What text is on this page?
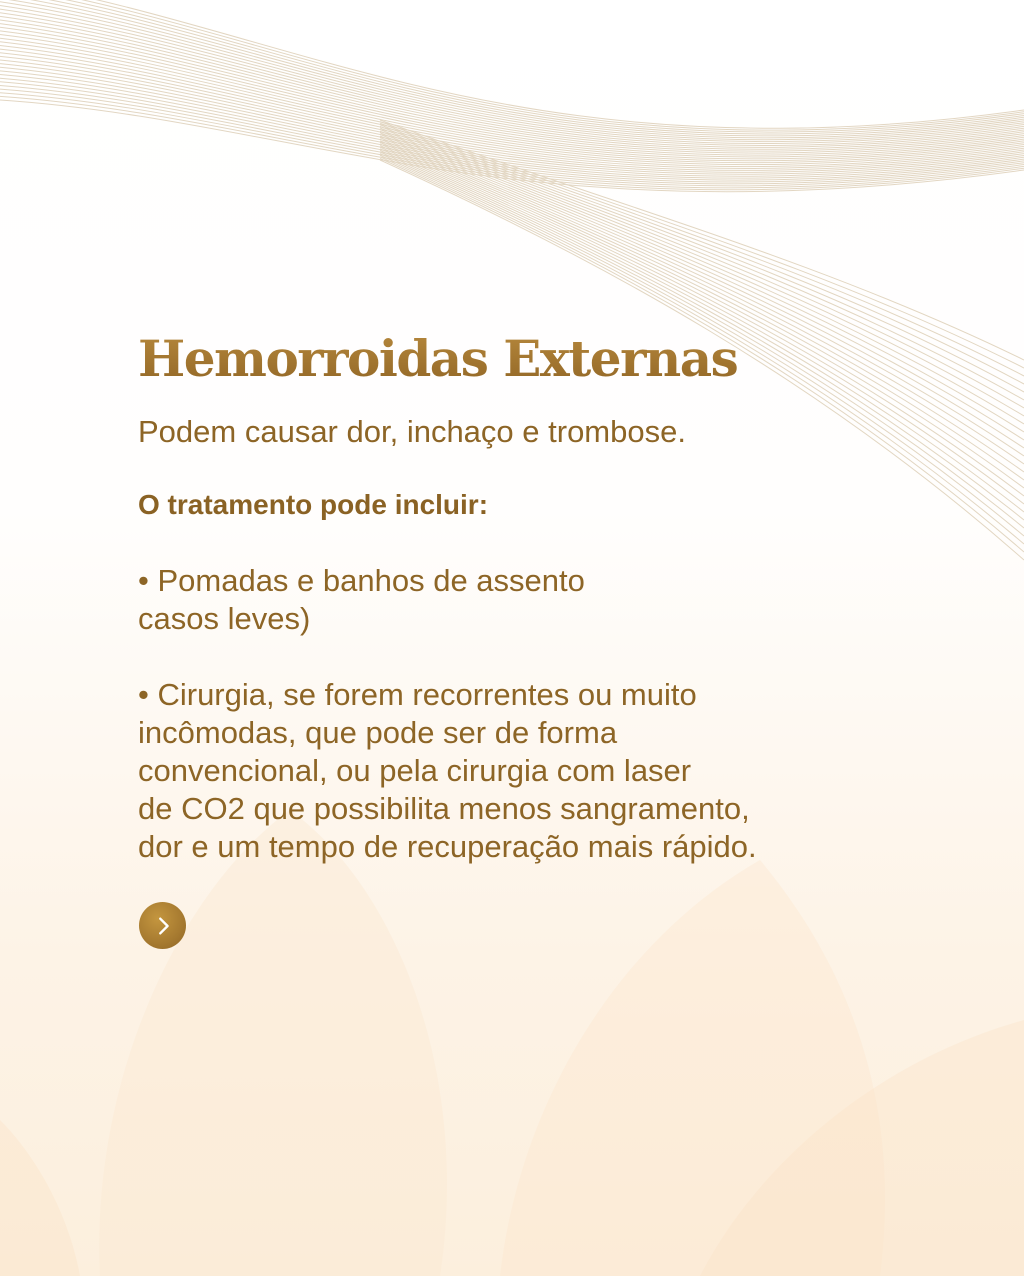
Hemorroidas Externas

Podem causar dor, inchaço e trombose.

O tratamento pode incluir:

• Pomadas e banhos de assento
casos leves)

• Cirurgia, se forem recorrentes ou muito
incômodas, que pode ser de forma
convencional, ou pela cirurgia com laser
de CO2 que possibilita menos sangramento,
dor e um tempo de recuperação mais rápido.
